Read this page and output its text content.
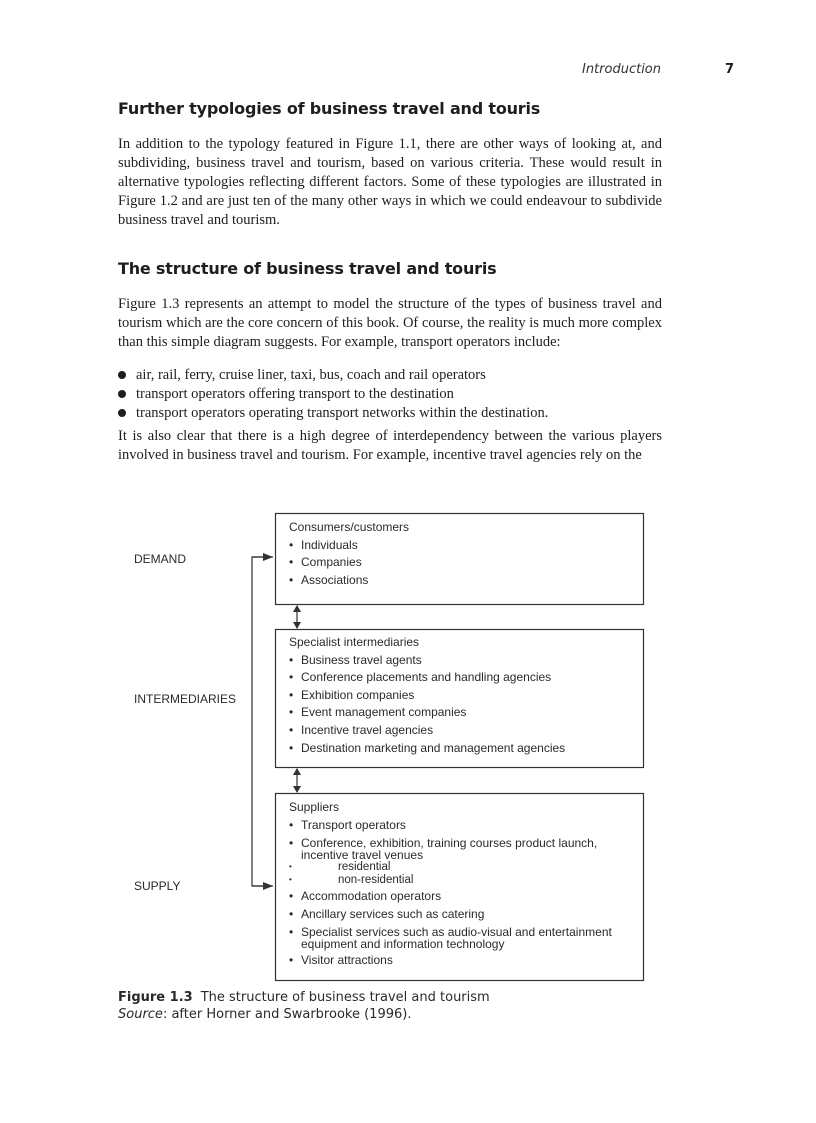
Introduction	7
Further typologies of business travel and touris

In addition to the typology featured in Figure 1.1, there are other ways of looking at, and subdividing, business travel and tourism, based on various criteria. These would result in alternative typologies reflecting different factors. Some of these typologies are illustrated in Figure 1.2 and are just ten of the many other ways in which we could endeavour to subdivide business travel and tourism.

The structure of business travel and touris

Figure 1.3 represents an attempt to model the structure of the types of business travel and tourism which are the core concern of this book. Of course, the reality is much more complex than this simple diagram suggests. For example, transport operators include:

air, rail, ferry, cruise liner, taxi, bus, coach and rail operators
transport operators offering transport to the destination
transport operators operating transport networks within the destination.

It is also clear that there is a high degree of interdependency between the various players involved in business travel and tourism. For example, incentive travel agencies rely on the

DEMAND
INTERMEDIARIES
SUPPLY
Consumers/customers
• Individuals
• Companies
• Associations
Specialist intermediaries
• Business travel agents
• Conference placements and handling agencies
• Exhibition companies
• Event management companies
• Incentive travel agencies
• Destination marketing and management agencies
Suppliers
• Transport operators
• Conference, exhibition, training courses product launch, incentive travel venues
• residential
• non-residential
• Accommodation operators
• Ancillary services such as catering
• Specialist services such as audio-visual and entertainment equipment and information technology
• Visitor attractions

Figure 1.3 The structure of business travel and tourism
Source: after Horner and Swarbrooke (1996).
